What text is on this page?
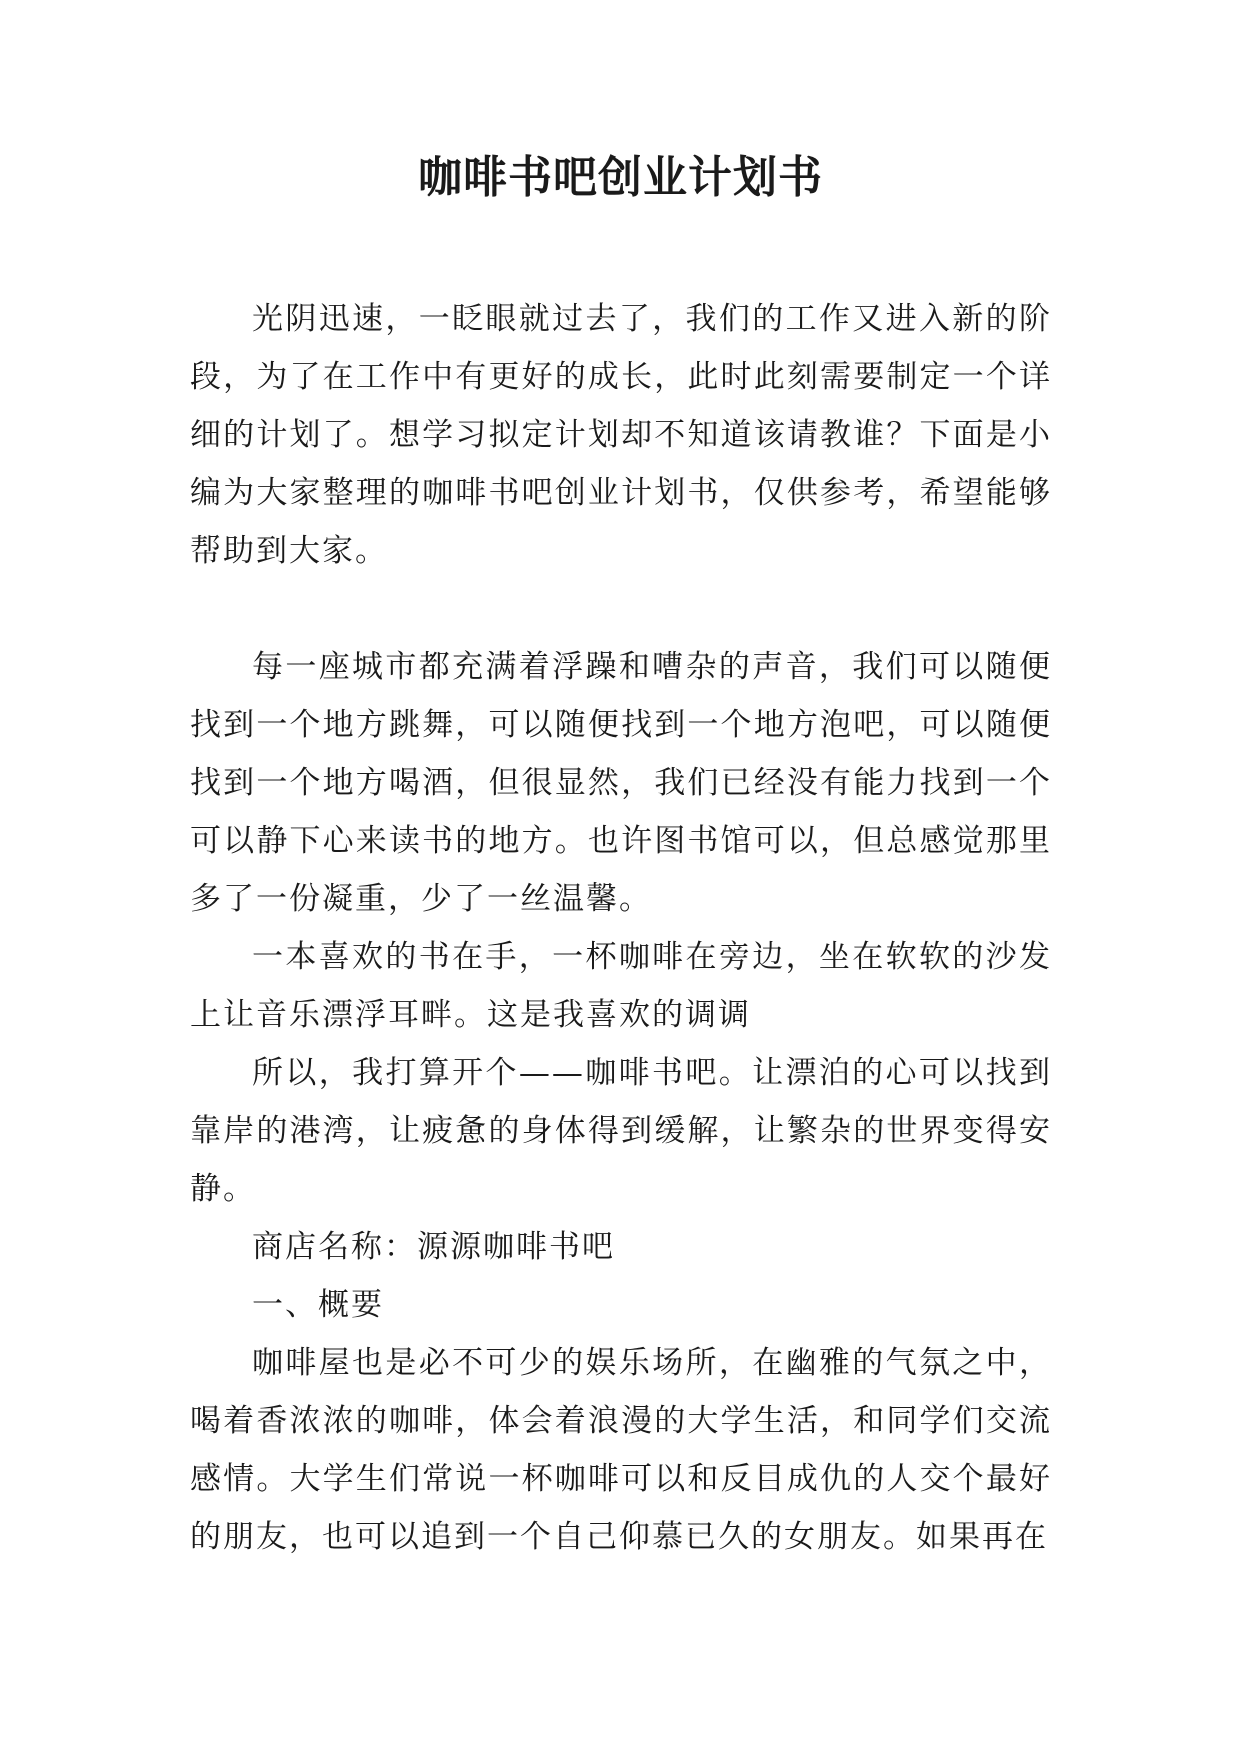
咖啡书吧创业计划书

光阴迅速，一眨眼就过去了，我们的工作又进入新的阶段，为了在工作中有更好的成长，此时此刻需要制定一个详细的计划了。想学习拟定计划却不知道该请教谁？下面是小编为大家整理的咖啡书吧创业计划书，仅供参考，希望能够帮助到大家。

每一座城市都充满着浮躁和嘈杂的声音，我们可以随便找到一个地方跳舞，可以随便找到一个地方泡吧，可以随便找到一个地方喝酒，但很显然，我们已经没有能力找到一个可以静下心来读书的地方。也许图书馆可以，但总感觉那里多了一份凝重，少了一丝温馨。

一本喜欢的书在手，一杯咖啡在旁边，坐在软软的沙发上让音乐漂浮耳畔。这是我喜欢的调调

所以，我打算开个——咖啡书吧。让漂泊的心可以找到靠岸的港湾，让疲惫的身体得到缓解，让繁杂的世界变得安静。

商店名称：源源咖啡书吧

一、概要

咖啡屋也是必不可少的娱乐场所，在幽雅的气氛之中，喝着香浓浓的咖啡，体会着浪漫的大学生活，和同学们交流感情。大学生们常说一杯咖啡可以和反目成仇的人交个最好的朋友，也可以追到一个自己仰慕已久的女朋友。如果再在
